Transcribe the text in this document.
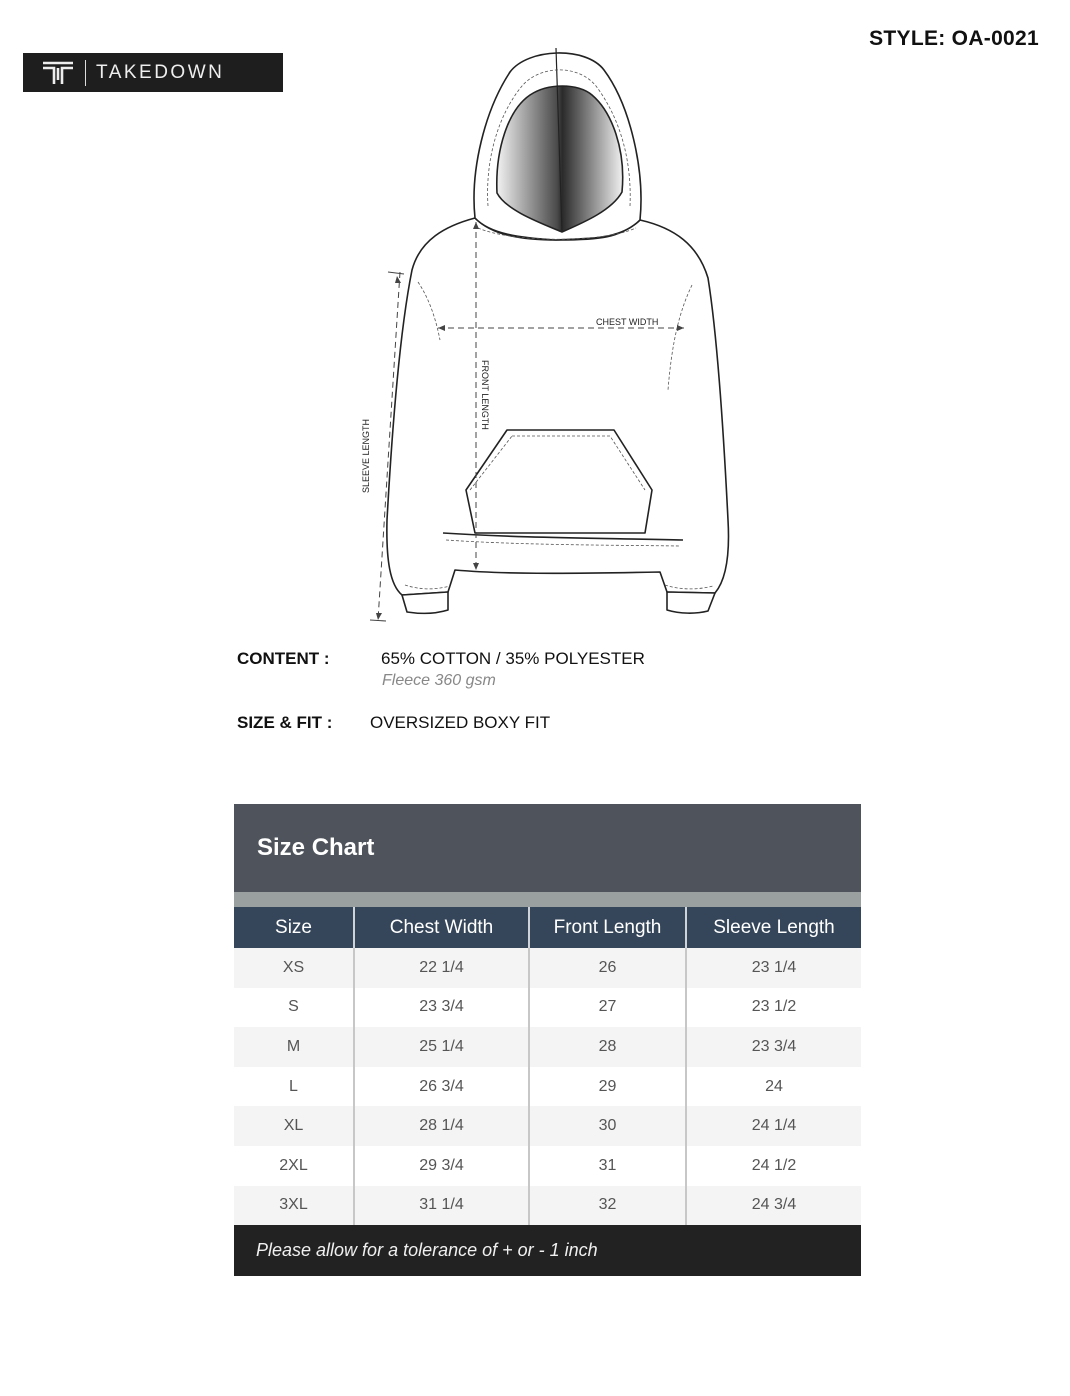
TAKEDOWN
STYLE: OA-0021
CHEST WIDTH
FRONT LENGTH
SLEEVE LENGTH
CONTENT :	65% COTTON / 35% POLYESTER
Fleece 360 gsm
SIZE & FIT : OVERSIZED BOXY FIT
Size Chart
Size	Chest Width	Front Length	Sleeve Length
XS	22 1/4	26	23 1/4
S	23 3/4	27	23 1/2
M	25 1/4	28	23 3/4
L	26 3/4	29	24
XL	28 1/4	30	24 1/4
2XL	29 3/4	31	24 1/2
3XL	31 1/4	32	24 3/4
Please allow for a tolerance of + or - 1 inch
